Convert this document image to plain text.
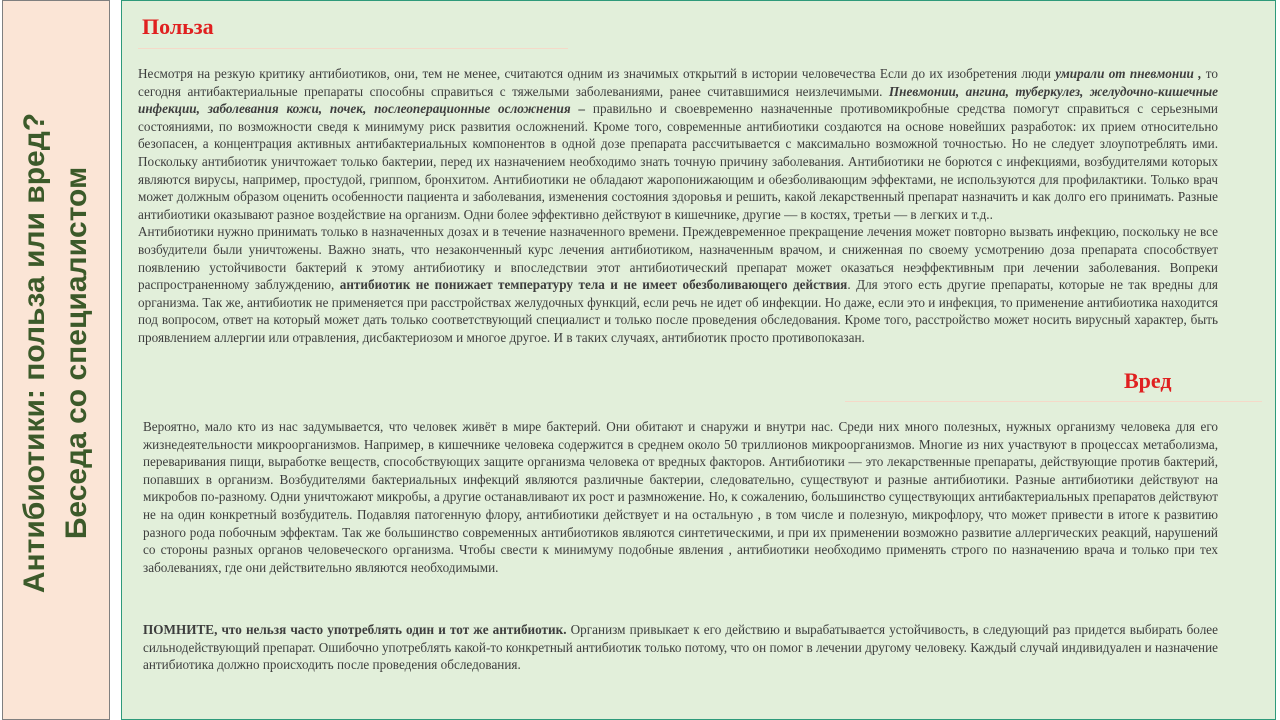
Антибиотики: польза или вред? Беседа со специалистом
Польза
Несмотря на резкую критику антибиотиков, они, тем не менее, считаются одним из значимых открытий в истории человечества Если до их изобретения люди умирали от пневмонии , то сегодня антибактериальные препараты способны справиться с тяжелыми заболеваниями, ранее считавшимися неизлечимыми. Пневмонии, ангина, туберкулез, желудочно-кишечные инфекции, заболевания кожи, почек, послеоперационные осложнения – правильно и своевременно назначенные противомикробные средства помогут справиться с серьезными состояниями, по возможности сведя к минимуму риск развития осложнений. Кроме того, современные антибиотики создаются на основе новейших разработок: их прием относительно безопасен, а концентрация активных антибактериальных компонентов в одной дозе препарата рассчитывается с максимально возможной точностью. Но не следует злоупотреблять ими. Поскольку антибиотик уничтожает только бактерии, перед их назначением необходимо знать точную причину заболевания. Антибиотики не борются с инфекциями, возбудителями которых являются вирусы, например, простудой, гриппом, бронхитом. Антибиотики не обладают жаропонижающим и обезболивающим эффектами, не используются для профилактики. Только врач может должным образом оценить особенности пациента и заболевания, изменения состояния здоровья и решить, какой лекарственный препарат назначить и как долго его принимать. Разные антибиотики оказывают разное воздействие на организм. Одни более эффективно действуют в кишечнике, другие — в костях, третьи — в легких и т.д..
Антибиотики нужно принимать только в назначенных дозах и в течение назначенного времени. Преждевременное прекращение лечения может повторно вызвать инфекцию, поскольку не все возбудители были уничтожены. Важно знать, что незаконченный курс лечения антибиотиком, назначенным врачом, и сниженная по своему усмотрению доза препарата способствует появлению устойчивости бактерий к этому антибиотику и впоследствии этот антибиотический препарат может оказаться неэффективным при лечении заболевания. Вопреки распространенному заблуждению, антибиотик не понижает температуру тела и не имеет обезболивающего действия. Для этого есть другие препараты, которые не так вредны для организма. Так же, антибиотик не применяется при расстройствах желудочных функций, если речь не идет об инфекции. Но даже, если это и инфекция, то применение антибиотика находится под вопросом, ответ на который может дать только соответствующий специалист и только после проведения обследования. Кроме того, расстройство может носить вирусный характер, быть проявлением аллергии или отравления, дисбактериозом и многое другое. И в таких случаях, антибиотик просто противопоказан.
Вред

Вероятно, мало кто из нас задумывается, что человек живёт в мире бактерий. Они обитают и снаружи и внутри нас. Среди них много полезных, нужных организму человека для его жизнедеятельности микроорганизмов. Например, в кишечнике человека содержится в среднем около 50 триллионов микроорганизмов. Многие из них участвуют в процессах метаболизма, переваривания пищи, выработке веществ, способствующих защите организма человека от вредных факторов. Антибиотики — это лекарственные препараты, действующие против бактерий, попавших в организм. Возбудителями бактериальных инфекций являются различные бактерии, следовательно, существуют и разные антибиотики. Разные антибиотики действуют на микробов по-разному. Одни уничтожают микробы, а другие останавливают их рост и размножение. Но, к сожалению, большинство существующих антибактериальных препаратов действуют не на один конкретный возбудитель. Подавляя патогенную флору, антибиотики действует и на остальную , в том числе и полезную, микрофлору, что может привести в итоге к развитию разного рода побочным эффектам. Так же большинство современных антибиотиков являются синтетическими, и при их применении возможно развитие аллергических реакций, нарушений со стороны разных органов человеческого организма. Чтобы свести к минимуму подобные явления , антибиотики необходимо применять строго по назначению врача и только при тех заболеваниях, где они действительно являются необходимыми.

ПОМНИТЕ, что нельзя часто употреблять один и тот же антибиотик. Организм привыкает к его действию и вырабатывается устойчивость, в следующий раз придется выбирать более сильнодействующий препарат. Ошибочно употреблять какой-то конкретный антибиотик только потому, что он помог в лечении другому человеку. Каждый случай индивидуален и назначение антибиотика должно происходить после проведения обследования.
